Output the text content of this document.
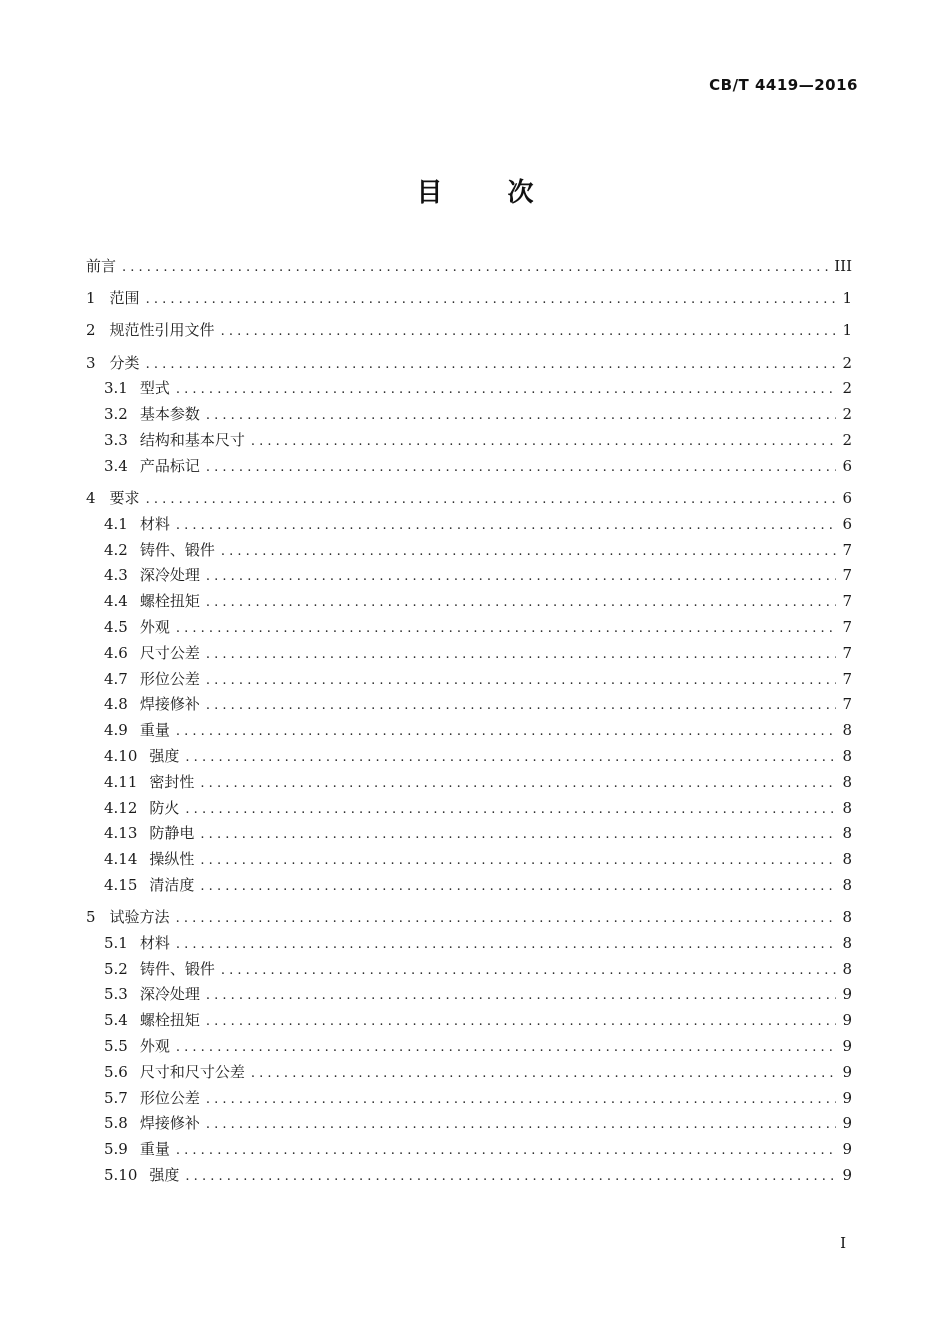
CB/T 4419—2016
目 次
前言 . . .	III
1 范围 . . .	1
2 规范性引用文件 . . .	1
3 分类 . . .	2
3.1 型式 . . .	2
3.2 基本参数 . . .	2
3.3 结构和基本尺寸 . . .	2
3.4 产品标记 . . .	6
4 要求 . . .	6
4.1 材料 . . .	6
4.2 铸件、锻件 . . .	7
4.3 深冷处理 . . .	7
4.4 螺栓扭矩 . . .	7
4.5 外观 . . .	7
4.6 尺寸公差 . . .	7
4.7 形位公差 . . .	7
4.8 焊接修补 . . .	7
4.9 重量 . . .	8
4.10 强度 . . .	8
4.11 密封性 . . .	8
4.12 防火 . . .	8
4.13 防静电 . . .	8
4.14 操纵性 . . .	8
4.15 清洁度 . . .	8
5 试验方法 . . .	8
5.1 材料 . . .	8
5.2 铸件、锻件 . . .	8
5.3 深冷处理 . . .	9
5.4 螺栓扭矩 . . .	9
5.5 外观 . . .	9
5.6 尺寸和尺寸公差 . . .	9
5.7 形位公差 . . .	9
5.8 焊接修补 . . .	9
5.9 重量 . . .	9
5.10 强度 . . .	9
I
